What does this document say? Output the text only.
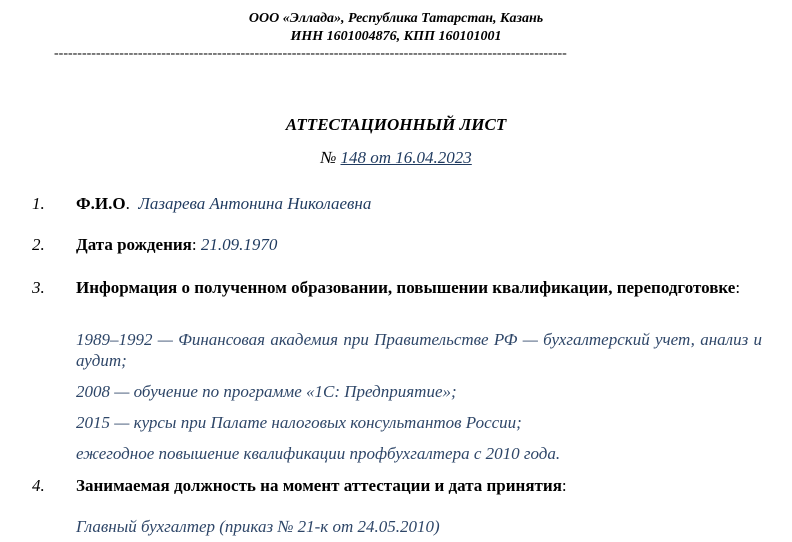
ООО «Эллада», Республика Татарстан, Казань
ИНН 1601004876, КПП 160101001
--------------------------------------------------------------------------------------------------------------
АТТЕСТАЦИОННЫЙ ЛИСТ
№ 148 от 16.04.2023
1. Ф.И.О. Лазарева Антонина Николаевна
2. Дата рождения: 21.09.1970
3. Информация о полученном образовании, повышении квалификации, переподготовке:
1989–1992 — Финансовая академия при Правительстве РФ — бухгалтерский учет, анализ и аудит;
2008 — обучение по программе «1С: Предприятие»;
2015 — курсы при Палате налоговых консультантов России;
ежегодное повышение квалификации профбухгалтера с 2010 года.
4. Занимаемая должность на момент аттестации и дата принятия:
Главный бухгалтер (приказ № 21-к от 24.05.2010)
